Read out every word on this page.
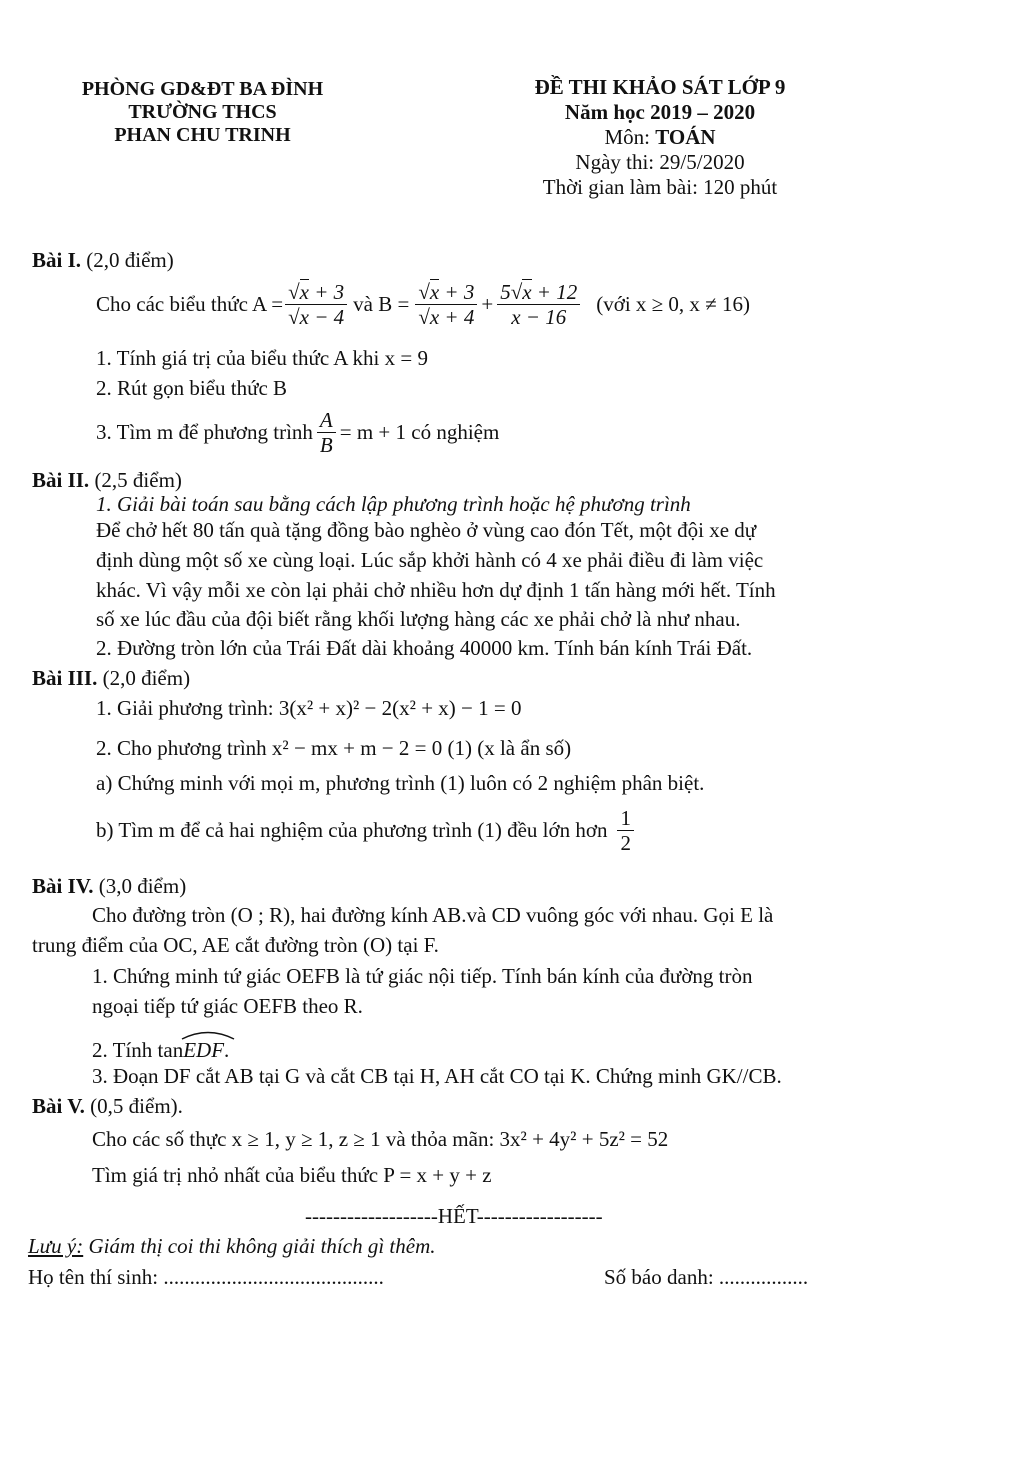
PHÒNG GD&ĐT BA ĐÌNH
TRƯỜNG THCS
PHAN CHU TRINH
ĐỀ THI KHẢO SÁT LỚP 9
Năm học 2019 – 2020
Môn: TOÁN
Ngày thi: 29/5/2020
Thời gian làm bài: 120 phút
Bài I. (2,0 điểm)
Cho các biểu thức $A = \frac{√x + 3}{√x - 4}$ và $B = \frac{√x + 3}{√x + 4} + \frac{5√x + 12}{x - 16}$ (với x ≥ 0, x ≠ 16)
1. Tính giá trị của biểu thức A khi x = 9
2. Rút gọn biểu thức B
3. Tìm m để phương trình $\frac{A}{B} = m + 1$ có nghiệm
Bài II. (2,5 điểm)
1. Giải bài toán sau bằng cách lập phương trình hoặc hệ phương trình
Để chở hết 80 tấn quà tặng đồng bào nghèo ở vùng cao đón Tết, một đội xe dự
định dùng một số xe cùng loại. Lúc sắp khởi hành có 4 xe phải điều đi làm việc
khác. Vì vậy mỗi xe còn lại phải chở nhiều hơn dự định 1 tấn hàng mới hết. Tính
số xe lúc đầu của đội biết rằng khối lượng hàng các xe phải chở là như nhau.
2. Đường tròn lớn của Trái Đất dài khoảng 40000 km. Tính bán kính Trái Đất.
Bài III. (2,0 điểm)
1. Giải phương trình: 3(x² + x)² − 2(x² + x) − 1 = 0
2. Cho phương trình x² − mx + m − 2 = 0 (1) (x là ẩn số)
a) Chứng minh với mọi m, phương trình (1) luôn có 2 nghiệm phân biệt.
b) Tìm m để cả hai nghiệm của phương trình (1) đều lớn hơn $\frac{1}{2}$
Bài IV. (3,0 điểm)
Cho đường tròn (O ; R), hai đường kính AB.và CD vuông góc với nhau. Gọi E là
trung điểm của OC, AE cắt đường tròn (O) tại F.
1. Chứng minh tứ giác OEFB là tứ giác nội tiếp. Tính bán kính của đường tròn
ngoại tiếp tứ giác OEFB theo R.
2. Tính tan
EDF.
3. Đoạn DF cắt AB tại G và cắt CB tại H, AH cắt CO tại K. Chứng minh GK//CB.
Bài V. (0,5 điểm).
Cho các số thực x ≥ 1, y ≥ 1, z ≥ 1 và thỏa mãn: 3x² + 4y² + 5z² = 52
Tìm giá trị nhỏ nhất của biểu thức P = x + y + z
-------------------HẾT------------------
Lưu ý: Giám thị coi thi không giải thích gì thêm.
Họ tên thí sinh: ..........................................	Số báo danh: .................
